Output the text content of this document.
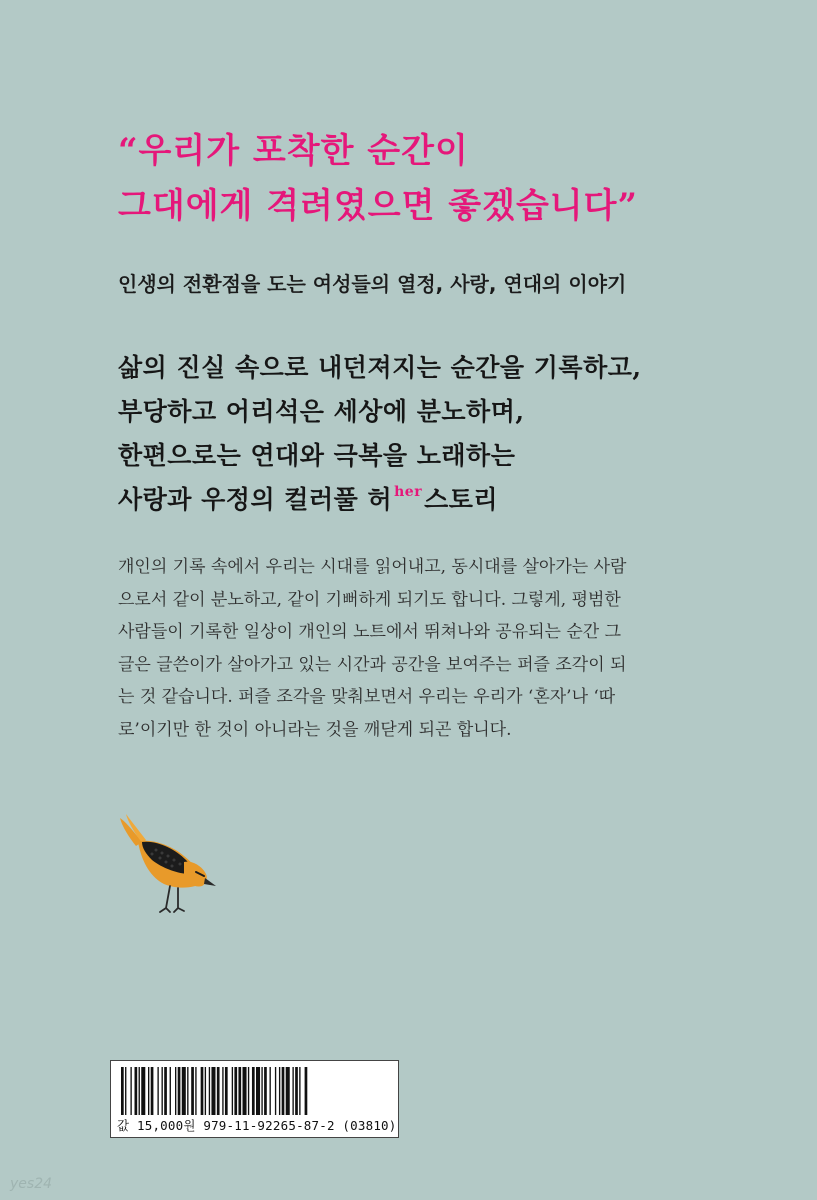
“우리가 포착한 순간이
그대에게 격려였으면 좋겠습니다”
인생의 전환점을 도는 여성들의 열정, 사랑, 연대의 이야기
삶의 진실 속으로 내던져지는 순간을 기록하고,
부당하고 어리석은 세상에 분노하며,
한편으로는 연대와 극복을 노래하는
사랑과 우정의 컬러풀 허 $^{her}$스토리
개인의 기록 속에서 우리는 시대를 읽어내고, 동시대를 살아가는 사람
으로서 같이 분노하고, 같이 기뻐하게 되기도 합니다. 그렇게, 평범한
사람들이 기록한 일상이 개인의 노트에서 뛰쳐나와 공유되는 순간 그
글은 글쓴이가 살아가고 있는 시간과 공간을 보여주는 퍼즐 조각이 되
는 것 같습니다. 퍼즐 조각을 맞춰보면서 우리는 우리가 ‘혼자’나 ‘따
로’이기만 한 것이 아니라는 것을 깨닫게 되곤 합니다.
값 15,000원 979-11-92265-87-2 (03810)
yes24
